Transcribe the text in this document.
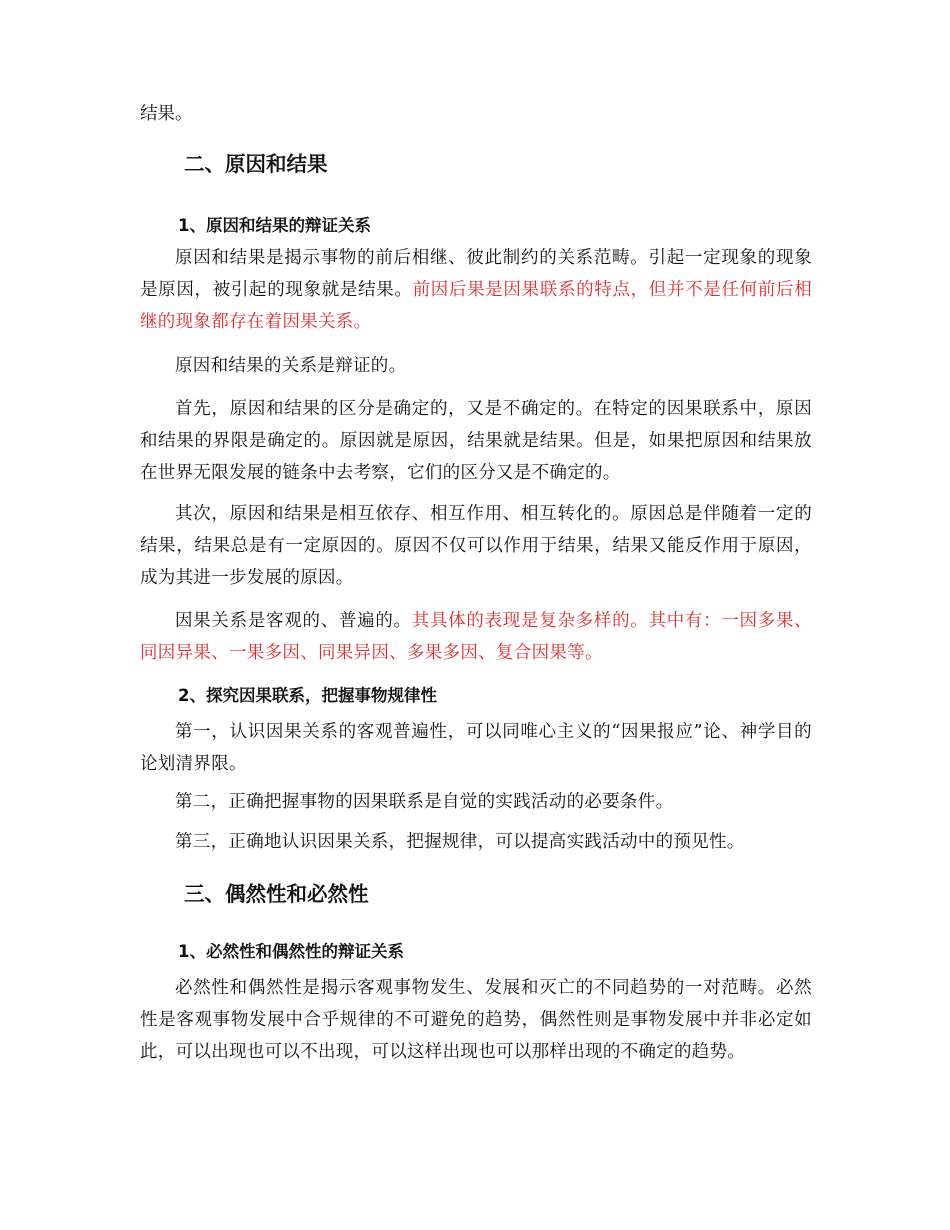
结果。

二、原因和结果
1、原因和结果的辩证关系

原因和结果是揭示事物的前后相继、彼此制约的关系范畴。引起一定现象的现象是原因，被引起的现象就是结果。前因后果是因果联系的特点，但并不是任何前后相继的现象都存在着因果关系。

原因和结果的关系是辩证的。

首先，原因和结果的区分是确定的，又是不确定的。在特定的因果联系中，原因和结果的界限是确定的。原因就是原因，结果就是结果。但是，如果把原因和结果放在世界无限发展的链条中去考察，它们的区分又是不确定的。

其次，原因和结果是相互依存、相互作用、相互转化的。原因总是伴随着一定的结果，结果总是有一定原因的。原因不仅可以作用于结果，结果又能反作用于原因，成为其进一步发展的原因。

因果关系是客观的、普遍的。其具体的表现是复杂多样的。其中有：一因多果、同因异果、一果多因、同果异因、多果多因、复合因果等。

2、探究因果联系，把握事物规律性

第一，认识因果关系的客观普遍性，可以同唯心主义的“因果报应”论、神学目的论划清界限。

第二，正确把握事物的因果联系是自觉的实践活动的必要条件。

第三，正确地认识因果关系，把握规律，可以提高实践活动中的预见性。

三、偶然性和必然性
1、必然性和偶然性的辩证关系

必然性和偶然性是揭示客观事物发生、发展和灭亡的不同趋势的一对范畴。必然性是客观事物发展中合乎规律的不可避免的趋势，偶然性则是事物发展中并非必定如此，可以出现也可以不出现，可以这样出现也可以那样出现的不确定的趋势。
